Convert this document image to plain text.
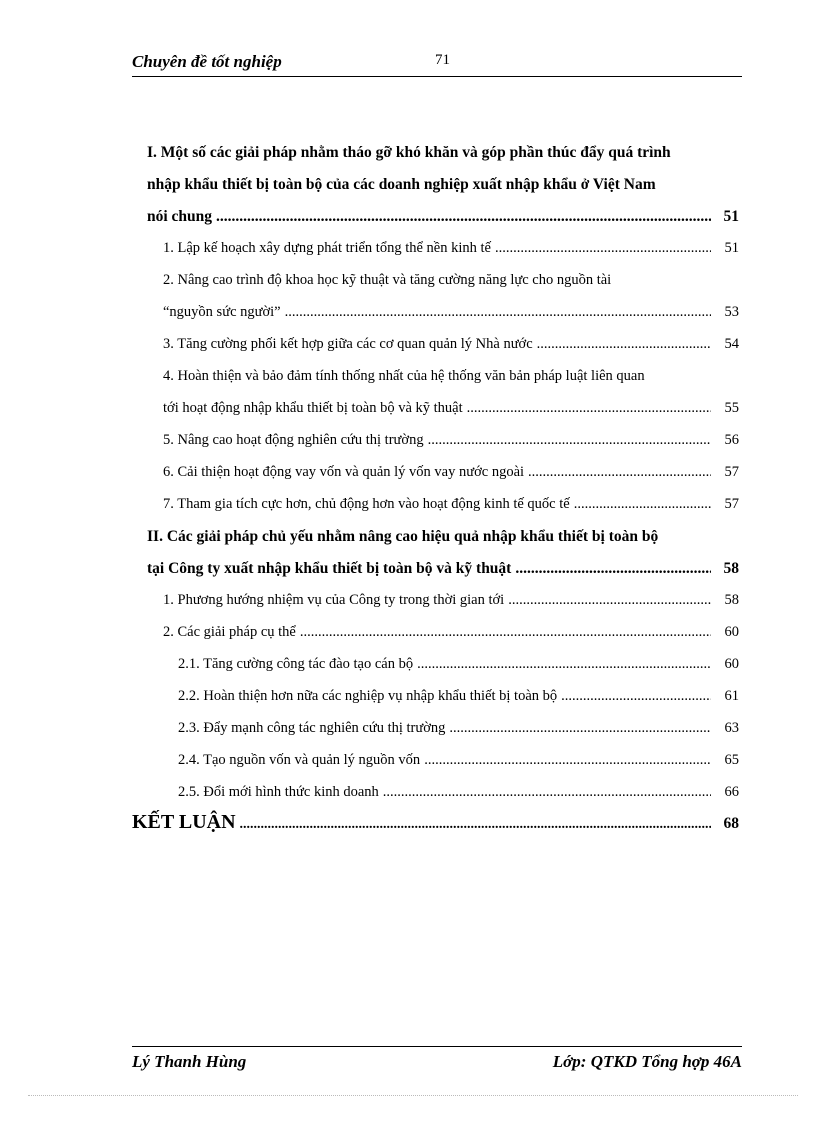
Chuyên đề tốt nghiệp	71
I. Một số các giải pháp nhằm tháo gỡ khó khăn và góp phần thúc đẩy quá trình
nhập khẩu thiết bị toàn bộ của các doanh nghiệp xuất nhập khẩu ở Việt Nam
nói chung .....	51
1. Lập kế hoạch xây dựng phát triển tổng thể nền kinh tế .....	51
2. Nâng cao trình độ khoa học kỹ thuật và tăng cường năng lực cho nguồn tài
“nguyồn sức người” .....	53
3. Tăng cường phối kết hợp giữa các cơ quan quản lý Nhà nước .....	54
4. Hoàn thiện và bảo đảm tính thống nhất của hệ thống văn bản pháp luật liên quan
tới hoạt động nhập khẩu thiết bị toàn bộ và kỹ thuật .....	55
5. Nâng cao hoạt động nghiên cứu thị trường .....	56
6. Cải thiện hoạt động vay vốn và quản lý vốn vay nước ngoài .....	57
7. Tham gia tích cực hơn, chủ động hơn vào hoạt động kinh tế quốc tế .....	57
II. Các giải pháp chủ yếu nhằm nâng cao hiệu quả nhập khẩu thiết bị toàn bộ
tại Công ty xuất nhập khẩu thiết bị toàn bộ và kỹ thuật .....	58
1. Phương hướng nhiệm vụ của Công ty trong thời gian tới .....	58
2. Các giải pháp cụ thể .....	60
2.1. Tăng cường công tác đào tạo cán bộ .....	60
2.2. Hoàn thiện hơn nữa các nghiệp vụ nhập khẩu thiết bị toàn bộ .....	61
2.3. Đẩy mạnh công tác nghiên cứu thị trường .....	63
2.4. Tạo nguồn vốn và quản lý nguồn vốn .....	65
2.5. Đổi mới hình thức kinh doanh .....	66
KẾT LUẬN .....	68
Lý Thanh Hùng	Lớp: QTKD Tổng hợp 46A
